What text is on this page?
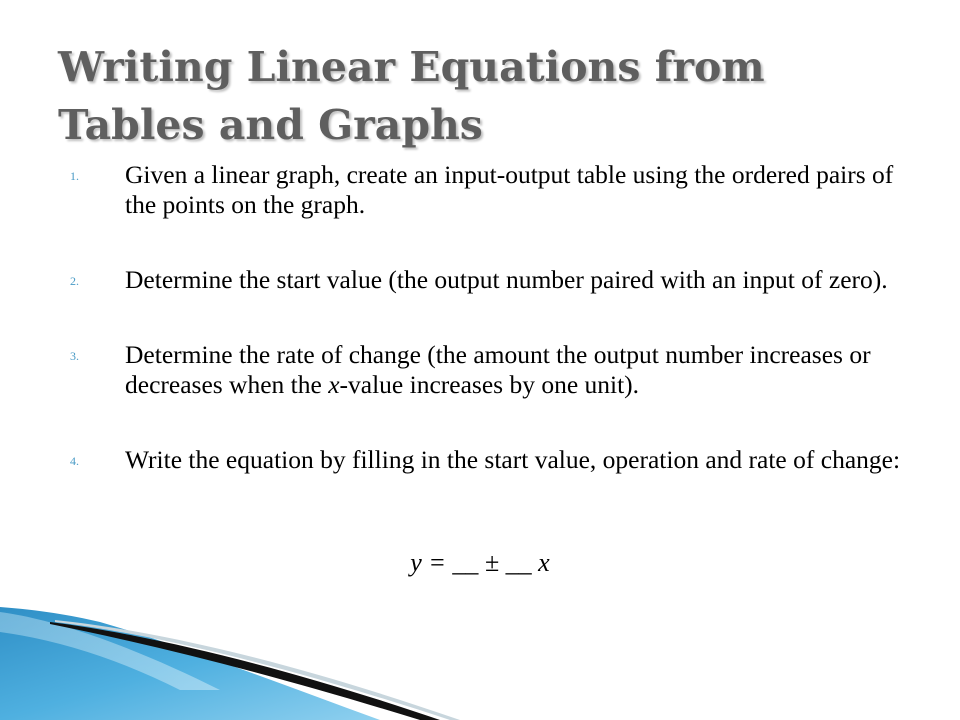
Writing Linear Equations from Tables and Graphs
1. Given a linear graph, create an input-output table using the ordered pairs of the points on the graph.
2. Determine the start value (the output number paired with an input of zero).
3. Determine the rate of change (the amount the output number increases or decreases when the x-value increases by one unit).
4. Write the equation by filling in the start value, operation and rate of change:
y = __ ± __ x
